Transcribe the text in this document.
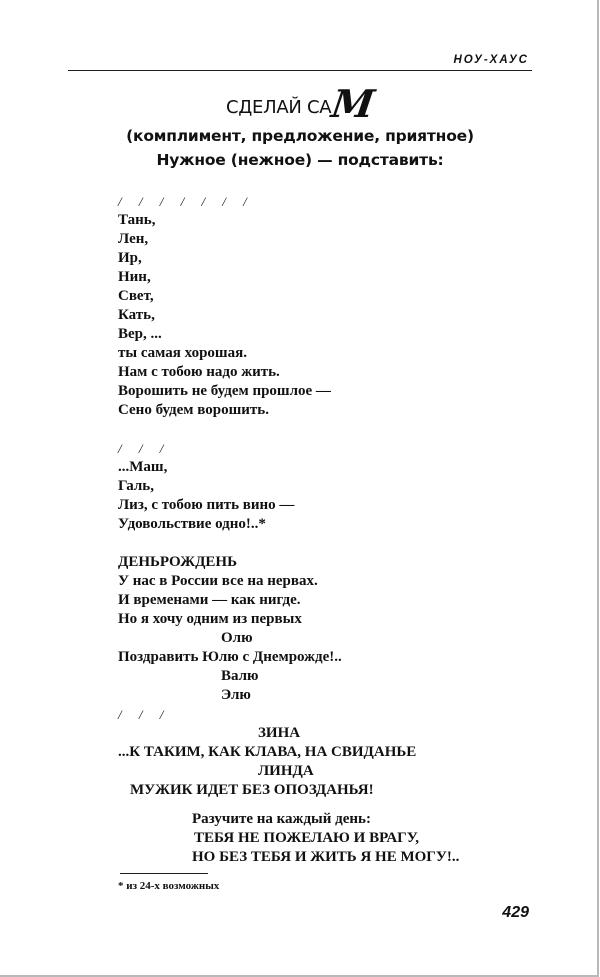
НОУ-ХАУС
СДЕЛАЙ САМ
(комплимент, предложение, приятное)
Нужное (нежное) — подставить:
/ / / / / / /
Тань,
Лен,
Ир,
Нин,
Свет,
Кать,
Вер, ...
ты самая хорошая.
Нам с тобою надо жить.
Ворошить не будем прошлое —
Сено будем ворошить.
/ / /
...Маш,
Галь,
Лиз, с тобою пить вино —
Удовольствие одно!..*
ДЕНЬРОЖДЕНЬ
У нас в России все на нервах.
И временами — как нигде.
Но я хочу одним из первых
Олю
Поздравить Юлю с Днемрожде!..
Валю
Элю
/ / /
ЗИНА
...К ТАКИМ, КАК КЛАВА, НА СВИДАНЬЕ
ЛИНДА
МУЖИК ИДЕТ БЕЗ ОПОЗДАНЬЯ!
Разучите на каждый день:
ТЕБЯ НЕ ПОЖЕЛАЮ И ВРАГУ,
НО БЕЗ ТЕБЯ И ЖИТЬ Я НЕ МОГУ!..
* из 24-х возможных
429
